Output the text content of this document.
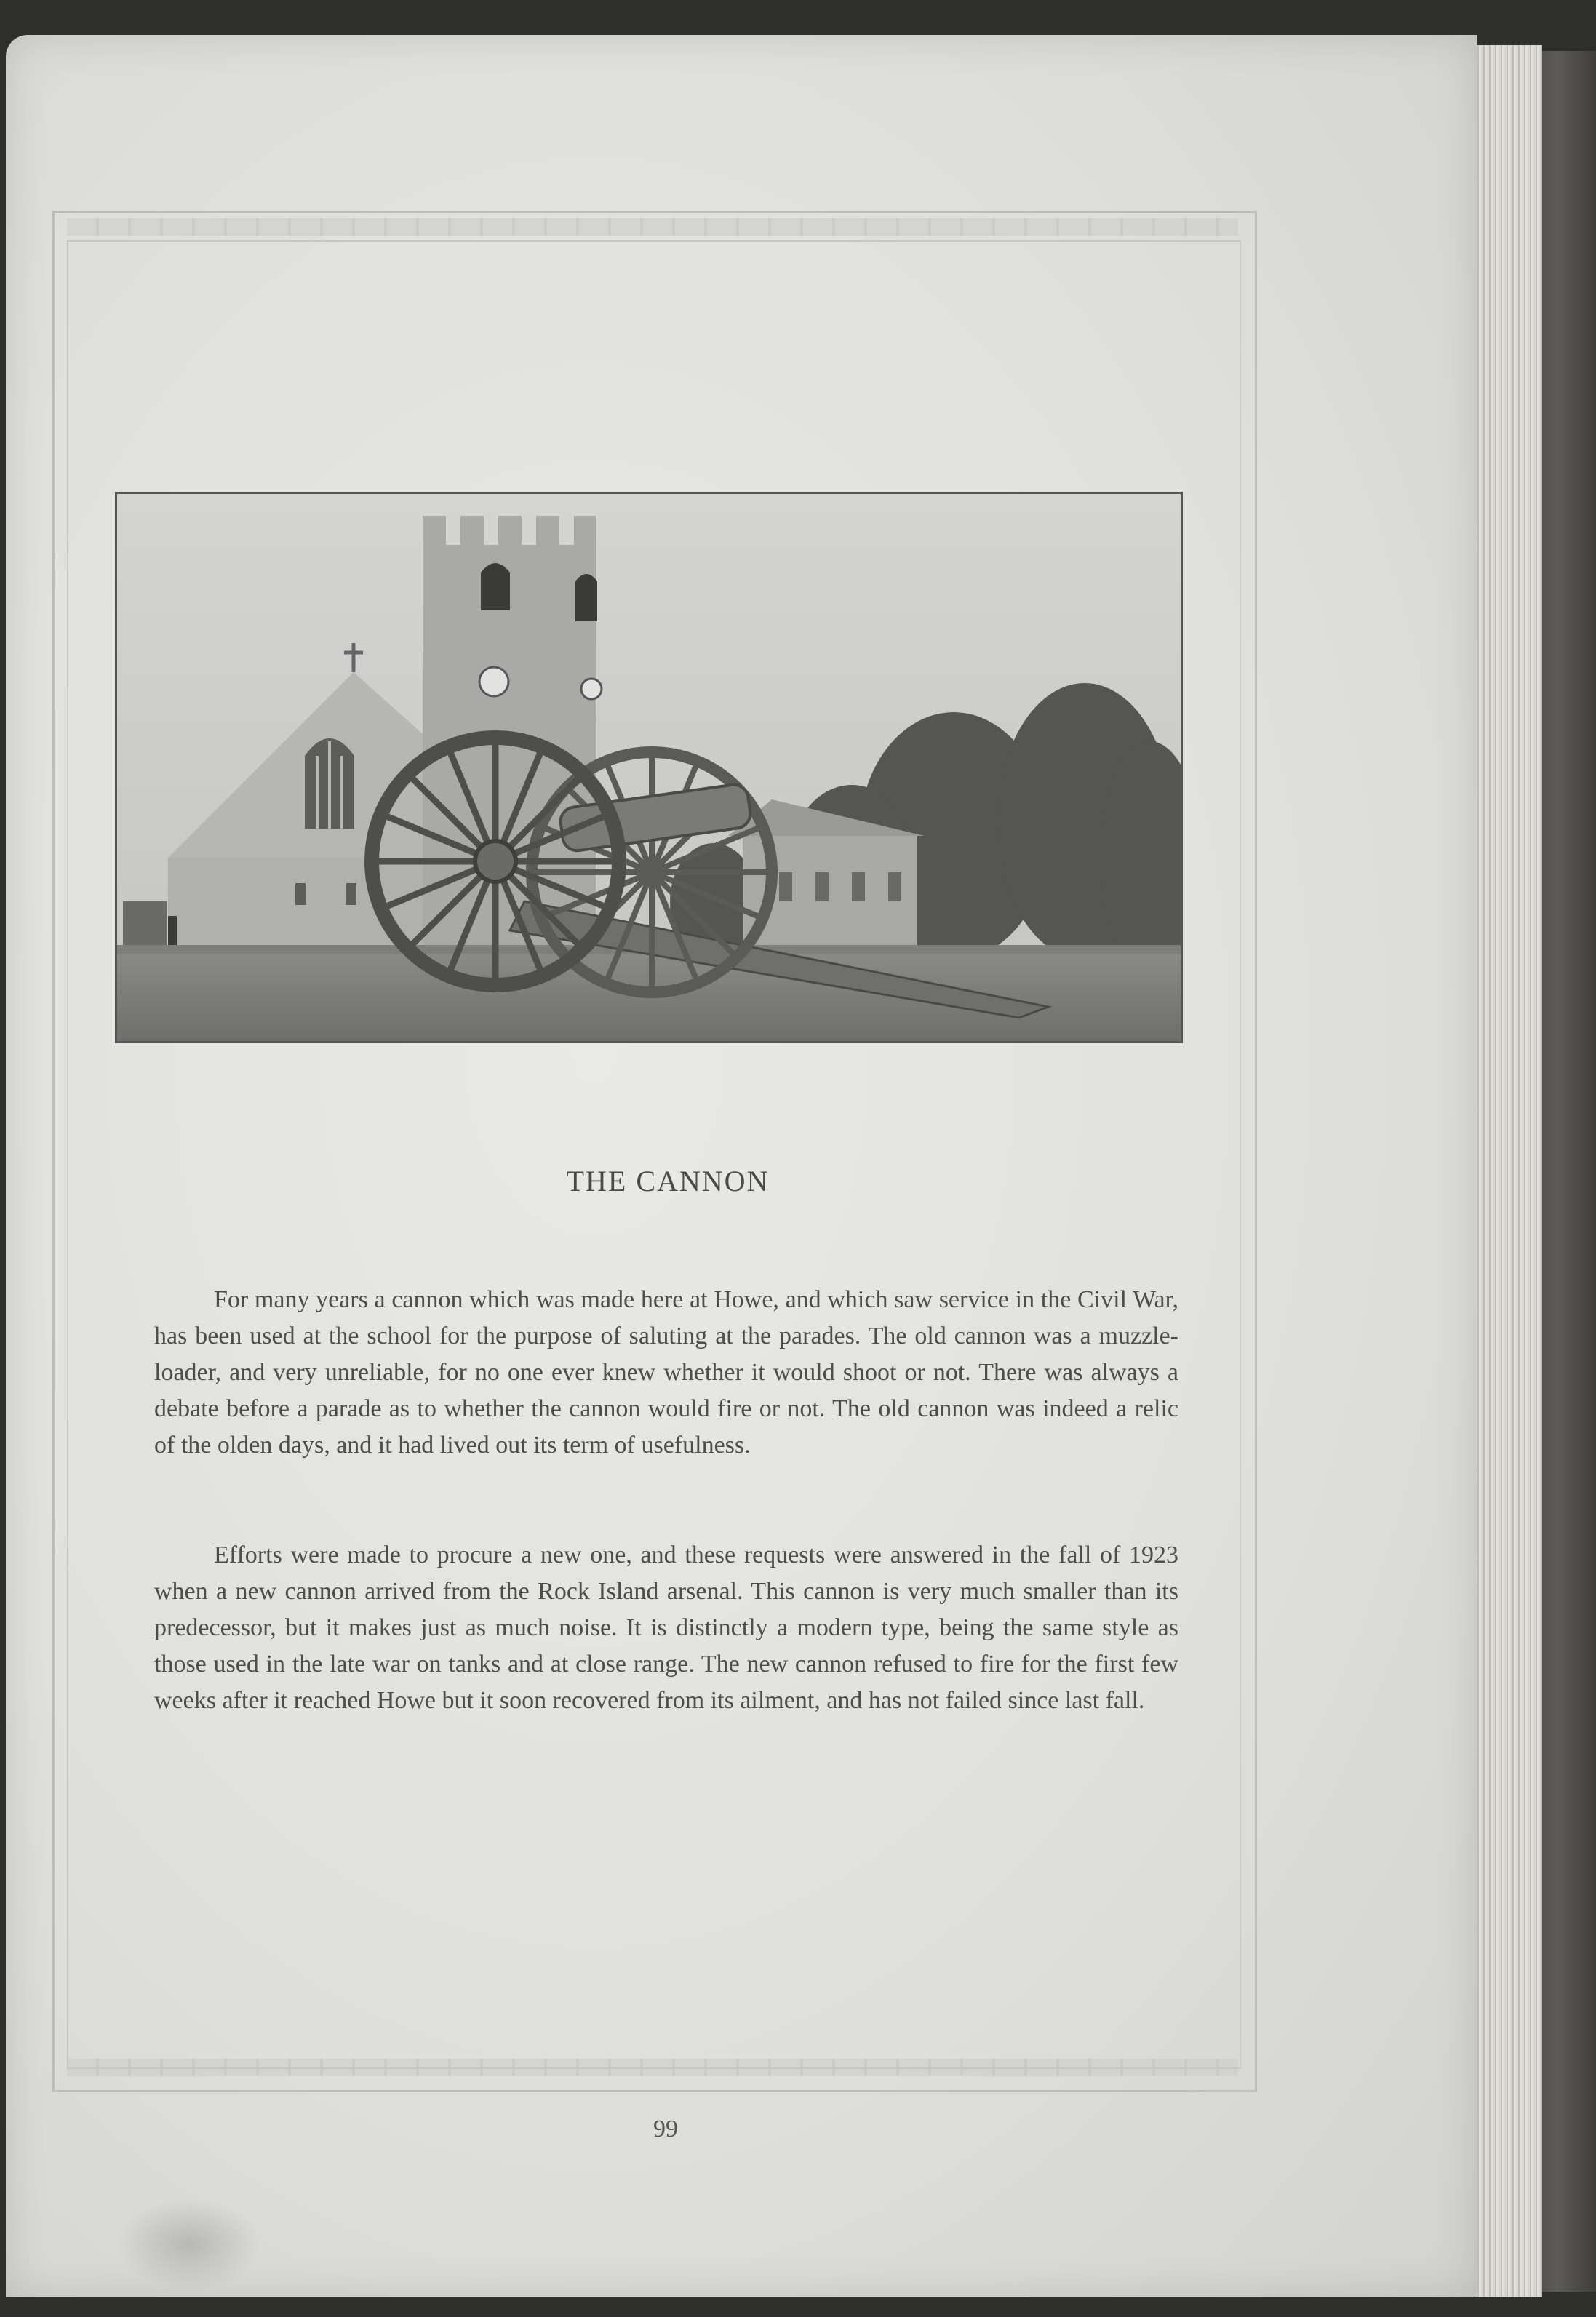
THE CANNON

For many years a cannon which was made here at Howe, and which saw service in the Civil War, has been used at the school for the purpose of saluting at the parades. The old cannon was a muzzle-loader, and very unreliable, for no one ever knew whether it would shoot or not. There was always a debate before a parade as to whether the cannon would fire or not. The old cannon was indeed a relic of the olden days, and it had lived out its term of usefulness.

Efforts were made to procure a new one, and these requests were answered in the fall of 1923 when a new cannon arrived from the Rock Island arsenal. This cannon is very much smaller than its predecessor, but it makes just as much noise. It is distinctly a modern type, being the same style as those used in the late war on tanks and at close range. The new cannon refused to fire for the first few weeks after it reached Howe but it soon recovered from its ailment, and has not failed since last fall.

99
